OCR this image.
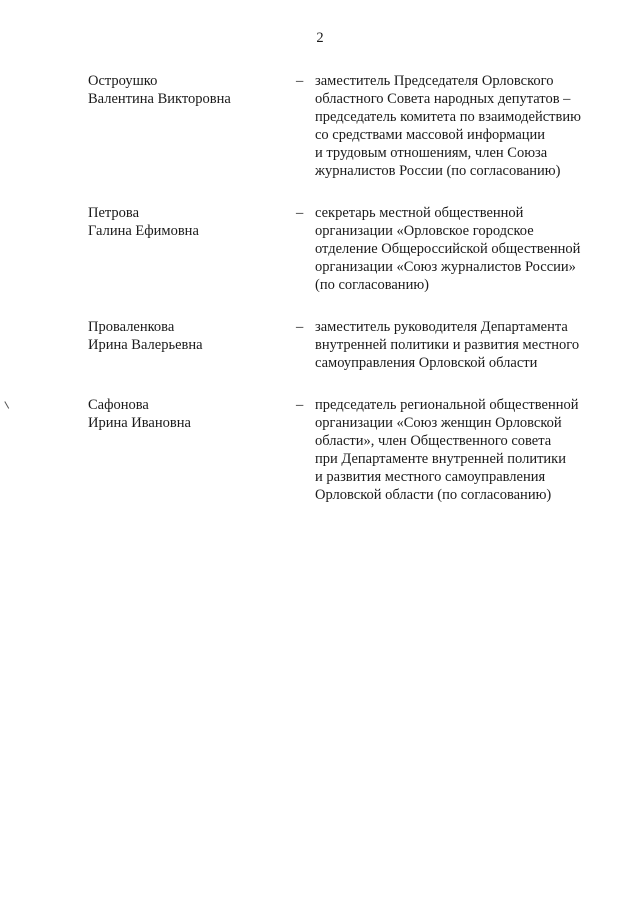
2
Остроушко
Валентина Викторовна
– заместитель Председателя Орловского
областного Совета народных депутатов –
председатель комитета по взаимодействию
со средствами массовой информации
и трудовым отношениям, член Союза
журналистов России (по согласованию)
Петрова
Галина Ефимовна
– секретарь местной общественной
организации «Орловское городское
отделение Общероссийской общественной
организации «Союз журналистов России»
(по согласованию)
Проваленкова
Ирина Валерьевна
– заместитель руководителя Департамента
внутренней политики и развития местного
самоуправления Орловской области
Сафонова
Ирина Ивановна
– председатель региональной общественной
организации «Союз женщин Орловской
области», член Общественного совета
при Департаменте внутренней политики
и развития местного самоуправления
Орловской области (по согласованию)
